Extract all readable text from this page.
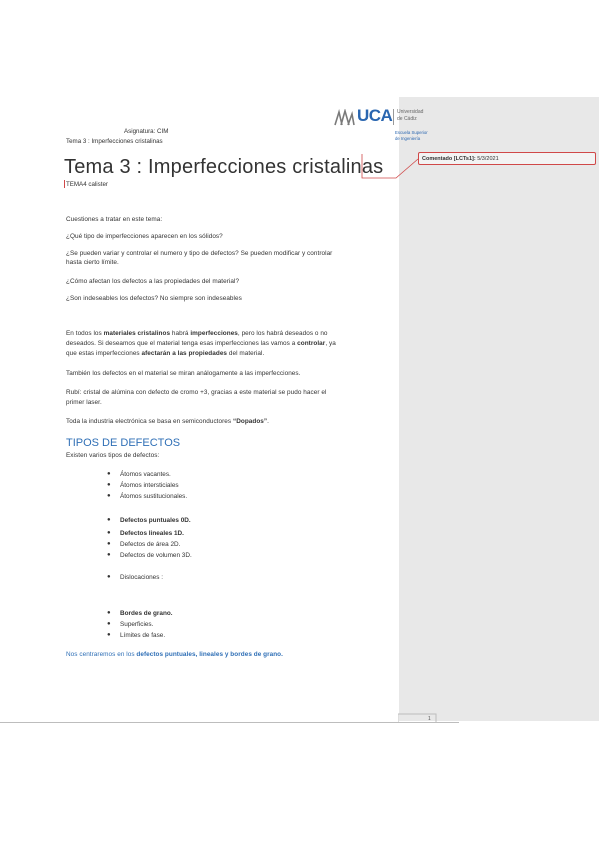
Comentado [LCTs1]: 5/3/2021
UCA Universidad
de Cádiz
Escuela Superior
de Ingeniería
Asignatura: CIM
Tema 3 : Imperfecciones cristalinas
Tema 3 : Imperfecciones cristalinas
TEMA4 calister
Cuestiones a tratar en este tema:
¿Qué tipo de imperfecciones aparecen en los sólidos?
¿Se pueden variar y controlar el numero y tipo de defectos? Se pueden modificar y controlar
hasta cierto límite.
¿Cómo afectan los defectos a las propiedades del material?
¿Son indeseables los defectos? No siempre son indeseables
En todos los materiales cristalinos habrá imperfecciones, pero los habrá deseados o no
deseados. Si deseamos que el material tenga esas imperfecciones las vamos a controlar, ya
que estas imperfecciones afectarán a las propiedades del material.
También los defectos en el material se miran análogamente a las imperfecciones.
Rubí: cristal de alúmina con defecto de cromo +3, gracias a este material se pudo hacer el
primer laser.
Toda la industria electrónica se basa en semiconductores “Dopados”.
TIPOS DE DEFECTOS
Existen varios tipos de defectos:
● Átomos vacantes.
● Átomos intersticiales
● Átomos sustitucionales.
● Defectos puntuales 0D.
● Defectos lineales 1D.
● Defectos de área 2D.
● Defectos de volumen 3D.
● Dislocaciones :
● Bordes de grano.
● Superficies.
● Límites de fase.
Nos centraremos en los defectos puntuales, lineales y bordes de grano.
1
